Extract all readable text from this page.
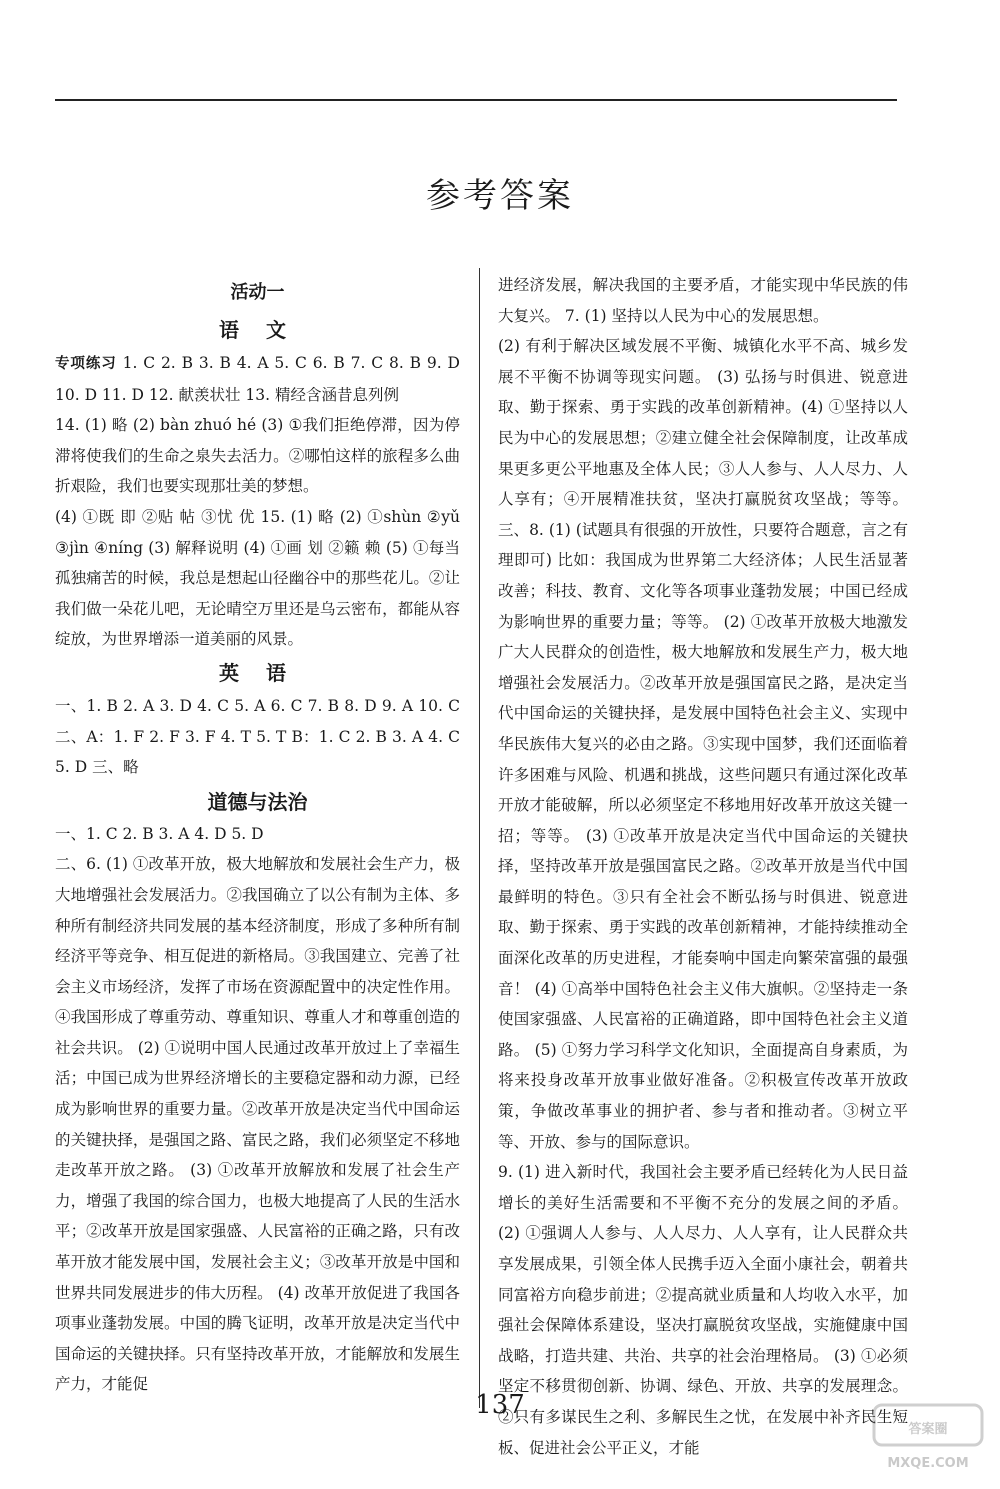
参考答案
活动一
语 文

专项练习 1. C 2. B 3. B 4. A 5. C 6. B 7. C 8. B 9. D 10. D 11. D 12. 献羡状壮 13. 精经含涵昔息列例

14. (1) 略 (2) bàn zhuó hé (3) ①我们拒绝停滞，因为停滞将使我们的生命之泉失去活力。②哪怕这样的旅程多么曲折艰险，我们也要实现那壮美的梦想。

(4) ①既 即 ②贴 帖 ③忧 优 15. (1) 略 (2) ①shùn ②yǔ ③jìn ④níng (3) 解释说明 (4) ①画 划 ②籁 赖 (5) ①每当孤独痛苦的时候，我总是想起山径幽谷中的那些花儿。②让我们做一朵花儿吧，无论晴空万里还是乌云密布，都能从容绽放，为世界增添一道美丽的风景。

英 语

一、1. B 2. A 3. D 4. C 5. A 6. C 7. B 8. D 9. A 10. C 二、A：1. F 2. F 3. F 4. T 5. T B：1. C 2. B 3. A 4. C 5. D 三、略

道德与法治

一、1. C 2. B 3. A 4. D 5. D

二、6. (1) ①改革开放，极大地解放和发展社会生产力，极大地增强社会发展活力。②我国确立了以公有制为主体、多种所有制经济共同发展的基本经济制度，形成了多种所有制经济平等竞争、相互促进的新格局。③我国建立、完善了社会主义市场经济，发挥了市场在资源配置中的决定性作用。④我国形成了尊重劳动、尊重知识、尊重人才和尊重创造的社会共识。 (2) ①说明中国人民通过改革开放过上了幸福生活；中国已成为世界经济增长的主要稳定器和动力源，已经成为影响世界的重要力量。②改革开放是决定当代中国命运的关键抉择，是强国之路、富民之路，我们必须坚定不移地走改革开放之路。 (3) ①改革开放解放和发展了社会生产力，增强了我国的综合国力，也极大地提高了人民的生活水平；②改革开放是国家强盛、人民富裕的正确之路，只有改革开放才能发展中国，发展社会主义；③改革开放是中国和世界共同发展进步的伟大历程。 (4) 改革开放促进了我国各项事业蓬勃发展。中国的腾飞证明，改革开放是决定当代中国命运的关键抉择。只有坚持改革开放，才能解放和发展生产力，才能促

进经济发展，解决我国的主要矛盾，才能实现中华民族的伟大复兴。 7. (1) 坚持以人民为中心的发展思想。

(2) 有利于解决区域发展不平衡、城镇化水平不高、城乡发展不平衡不协调等现实问题。 (3) 弘扬与时俱进、锐意进取、勤于探索、勇于实践的改革创新精神。(4) ①坚持以人民为中心的发展思想；②建立健全社会保障制度，让改革成果更多更公平地惠及全体人民；③人人参与、人人尽力、人人享有；④开展精准扶贫，坚决打赢脱贫攻坚战；等等。 三、8. (1) (试题具有很强的开放性，只要符合题意，言之有理即可) 比如：我国成为世界第二大经济体；人民生活显著改善；科技、教育、文化等各项事业蓬勃发展；中国已经成为影响世界的重要力量；等等。 (2) ①改革开放极大地激发广大人民群众的创造性，极大地解放和发展生产力，极大地增强社会发展活力。②改革开放是强国富民之路，是决定当代中国命运的关键抉择，是发展中国特色社会主义、实现中华民族伟大复兴的必由之路。③实现中国梦，我们还面临着许多困难与风险、机遇和挑战，这些问题只有通过深化改革开放才能破解，所以必须坚定不移地用好改革开放这关键一招；等等。 (3) ①改革开放是决定当代中国命运的关键抉择，坚持改革开放是强国富民之路。②改革开放是当代中国最鲜明的特色。③只有全社会不断弘扬与时俱进、锐意进取、勤于探索、勇于实践的改革创新精神，才能持续推动全面深化改革的历史进程，才能奏响中国走向繁荣富强的最强音！ (4) ①高举中国特色社会主义伟大旗帜。②坚持走一条使国家强盛、人民富裕的正确道路，即中国特色社会主义道路。 (5) ①努力学习科学文化知识，全面提高自身素质，为将来投身改革开放事业做好准备。②积极宣传改革开放政策，争做改革事业的拥护者、参与者和推动者。③树立平等、开放、参与的国际意识。

9. (1) 进入新时代，我国社会主要矛盾已经转化为人民日益增长的美好生活需要和不平衡不充分的发展之间的矛盾。 (2) ①强调人人参与、人人尽力、人人享有，让人民群众共享发展成果，引领全体人民携手迈入全面小康社会，朝着共同富裕方向稳步前进；②提高就业质量和人均收入水平，加强社会保障体系建设，坚决打赢脱贫攻坚战，实施健康中国战略，打造共建、共治、共享的社会治理格局。 (3) ①必须坚定不移贯彻创新、协调、绿色、开放、共享的发展理念。②只有多谋民生之利、多解民生之忧，在发展中补齐民生短板、促进社会公平正义，才能

137
答案圈
MXQE.COM
